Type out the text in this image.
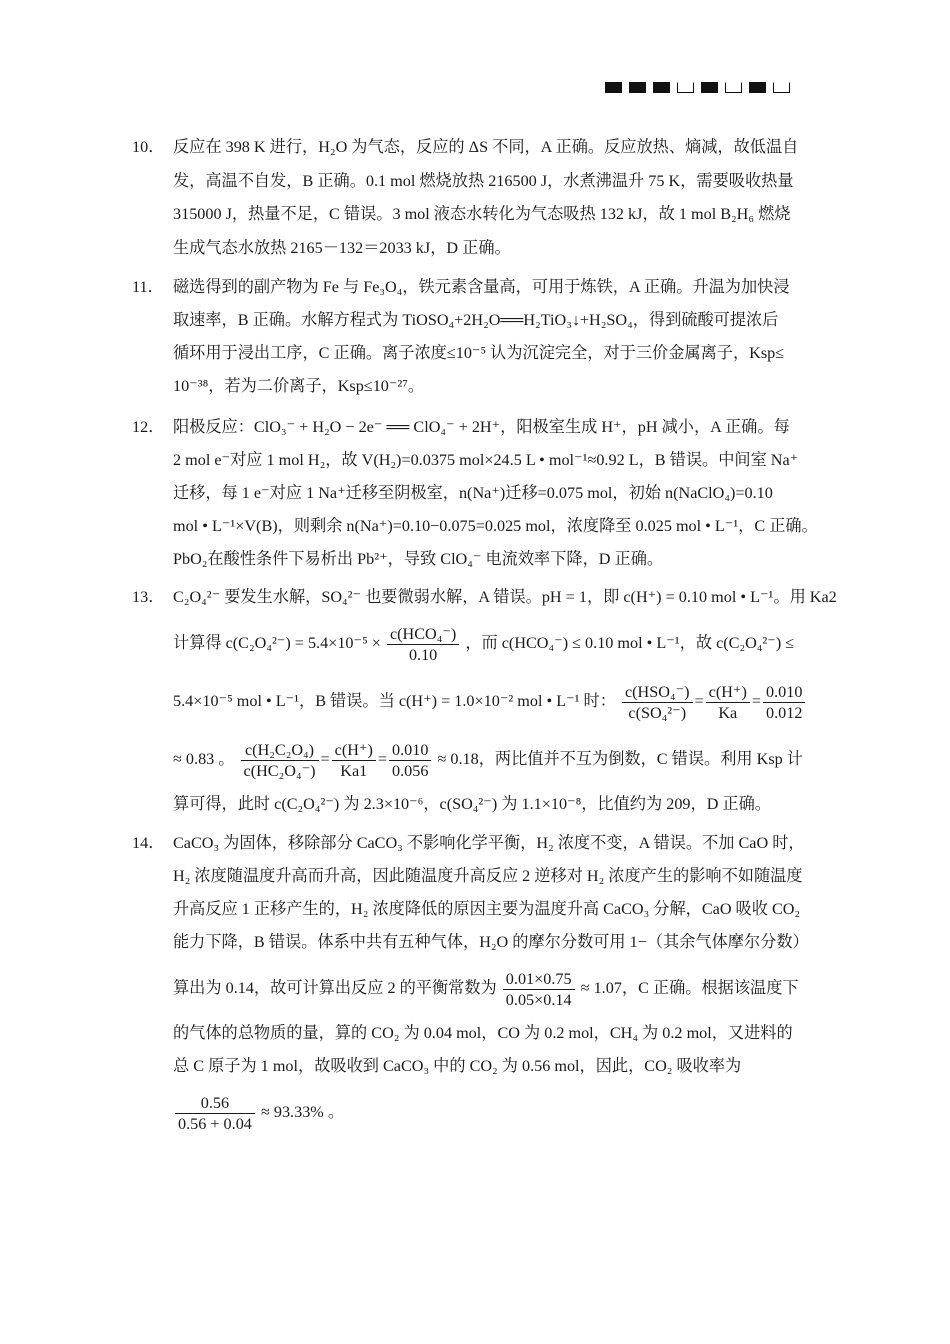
10． 反应在 398 K 进行，H₂O 为气态，反应的 ΔS 不同，A 正确。反应放热、熵减，故低温自
发，高温不自发，B 正确。0.1 mol 燃烧放热 216500 J，水煮沸温升 75 K，需要吸收热量
315000 J，热量不足，C 错误。3 mol 液态水转化为气态吸热 132 kJ，故 1 mol B₂H₆ 燃烧
生成气态水放热 2165－132＝2033 kJ，D 正确。
11． 磁选得到的副产物为 Fe 与 Fe₃O₄，铁元素含量高，可用于炼铁，A 正确。升温为加快浸
取速率，B 正确。水解方程式为 TiOSO₄+2H₂O══H₂TiO₃↓+H₂SO₄，得到硫酸可提浓后
循环用于浸出工序，C 正确。离子浓度≤10⁻⁵ 认为沉淀完全，对于三价金属离子，Ksp≤
10⁻³⁸，若为二价离子，Ksp≤10⁻²⁷。
12． 阳极反应：ClO₃⁻ + H₂O − 2e⁻ ══ ClO₄⁻ + 2H⁺，阳极室生成 H⁺，pH 减小，A 正确。每
2 mol e⁻对应 1 mol H₂，故 V(H₂)=0.0375 mol×24.5 L • mol⁻¹≈0.92 L，B 错误。中间室 Na⁺
迁移，每 1 e⁻对应 1 Na⁺迁移至阴极室，n(Na⁺)迁移=0.075 mol，初始 n(NaClO₄)=0.10
mol • L⁻¹×V(B)，则剩余 n(Na⁺)=0.10−0.075=0.025 mol，浓度降至 0.025 mol • L⁻¹，C 正确。
PbO₂在酸性条件下易析出 Pb²⁺，导致 ClO₄⁻ 电流效率下降，D 正确。
13． C₂O₄²⁻ 要发生水解，SO₄²⁻ 也要微弱水解，A 错误。pH = 1，即 c(H⁺) = 0.10 mol • L⁻¹。用 Ka2
计算得 $c(C_2O_4^{2-}) = 5.4\times 10^{-5} \times \frac{\text{c(HCO₄⁻)}}{0.10}$ ，而 c(HCO₄⁻) ≤ 0.10 mol • L⁻¹，故 c(C₂O₄²⁻) ≤
5.4×10⁻⁵ mol • L⁻¹，B 错误。当 c(H⁺) = 1.0×10⁻² mol • L⁻¹ 时： $\frac{\text{c(HSO₄⁻)}}{\text{c(SO₄²⁻)}} = \frac{c(H^+)}{Ka} = \frac{0.010}{0.012}$
≈ 0.83 。 $\frac{\text{c(H₂C₂O₄)}}{\text{c(HC₂O₄⁻)}} = \frac{c(H^+)}{Ka1} = \frac{0.010}{0.056} \approx 0.18$，两比值并不互为倒数，C 错误。利用 Ksp 计
算可得，此时 c(C₂O₄²⁻) 为 2.3×10⁻⁶，c(SO₄²⁻) 为 1.1×10⁻⁸，比值约为 209，D 正确。
14． CaCO₃ 为固体，移除部分 CaCO₃ 不影响化学平衡，H₂ 浓度不变，A 错误。不加 CaO 时，
H₂ 浓度随温度升高而升高，因此随温度升高反应 2 逆移对 H₂ 浓度产生的影响不如随温度
升高反应 1 正移产生的，H₂ 浓度降低的原因主要为温度升高 CaCO₃ 分解，CaO 吸收 CO₂
能力下降，B 错误。体系中共有五种气体，H₂O 的摩尔分数可用 1−（其余气体摩尔分数）
算出为 0.14，故可计算出反应 2 的平衡常数为 $\frac{0.01\times 0.75}{0.05\times 0.14} \approx 1.07$，C 正确。根据该温度下
的气体的总物质的量，算的 CO₂ 为 0.04 mol，CO 为 0.2 mol，CH₄ 为 0.2 mol，又进料的
总 C 原子为 1 mol，故吸收到 CaCO₃ 中的 CO₂ 为 0.56 mol，因此，CO₂ 吸收率为
$\frac{0.56}{0.56 + 0.04} \approx 93.33\%$ 。
